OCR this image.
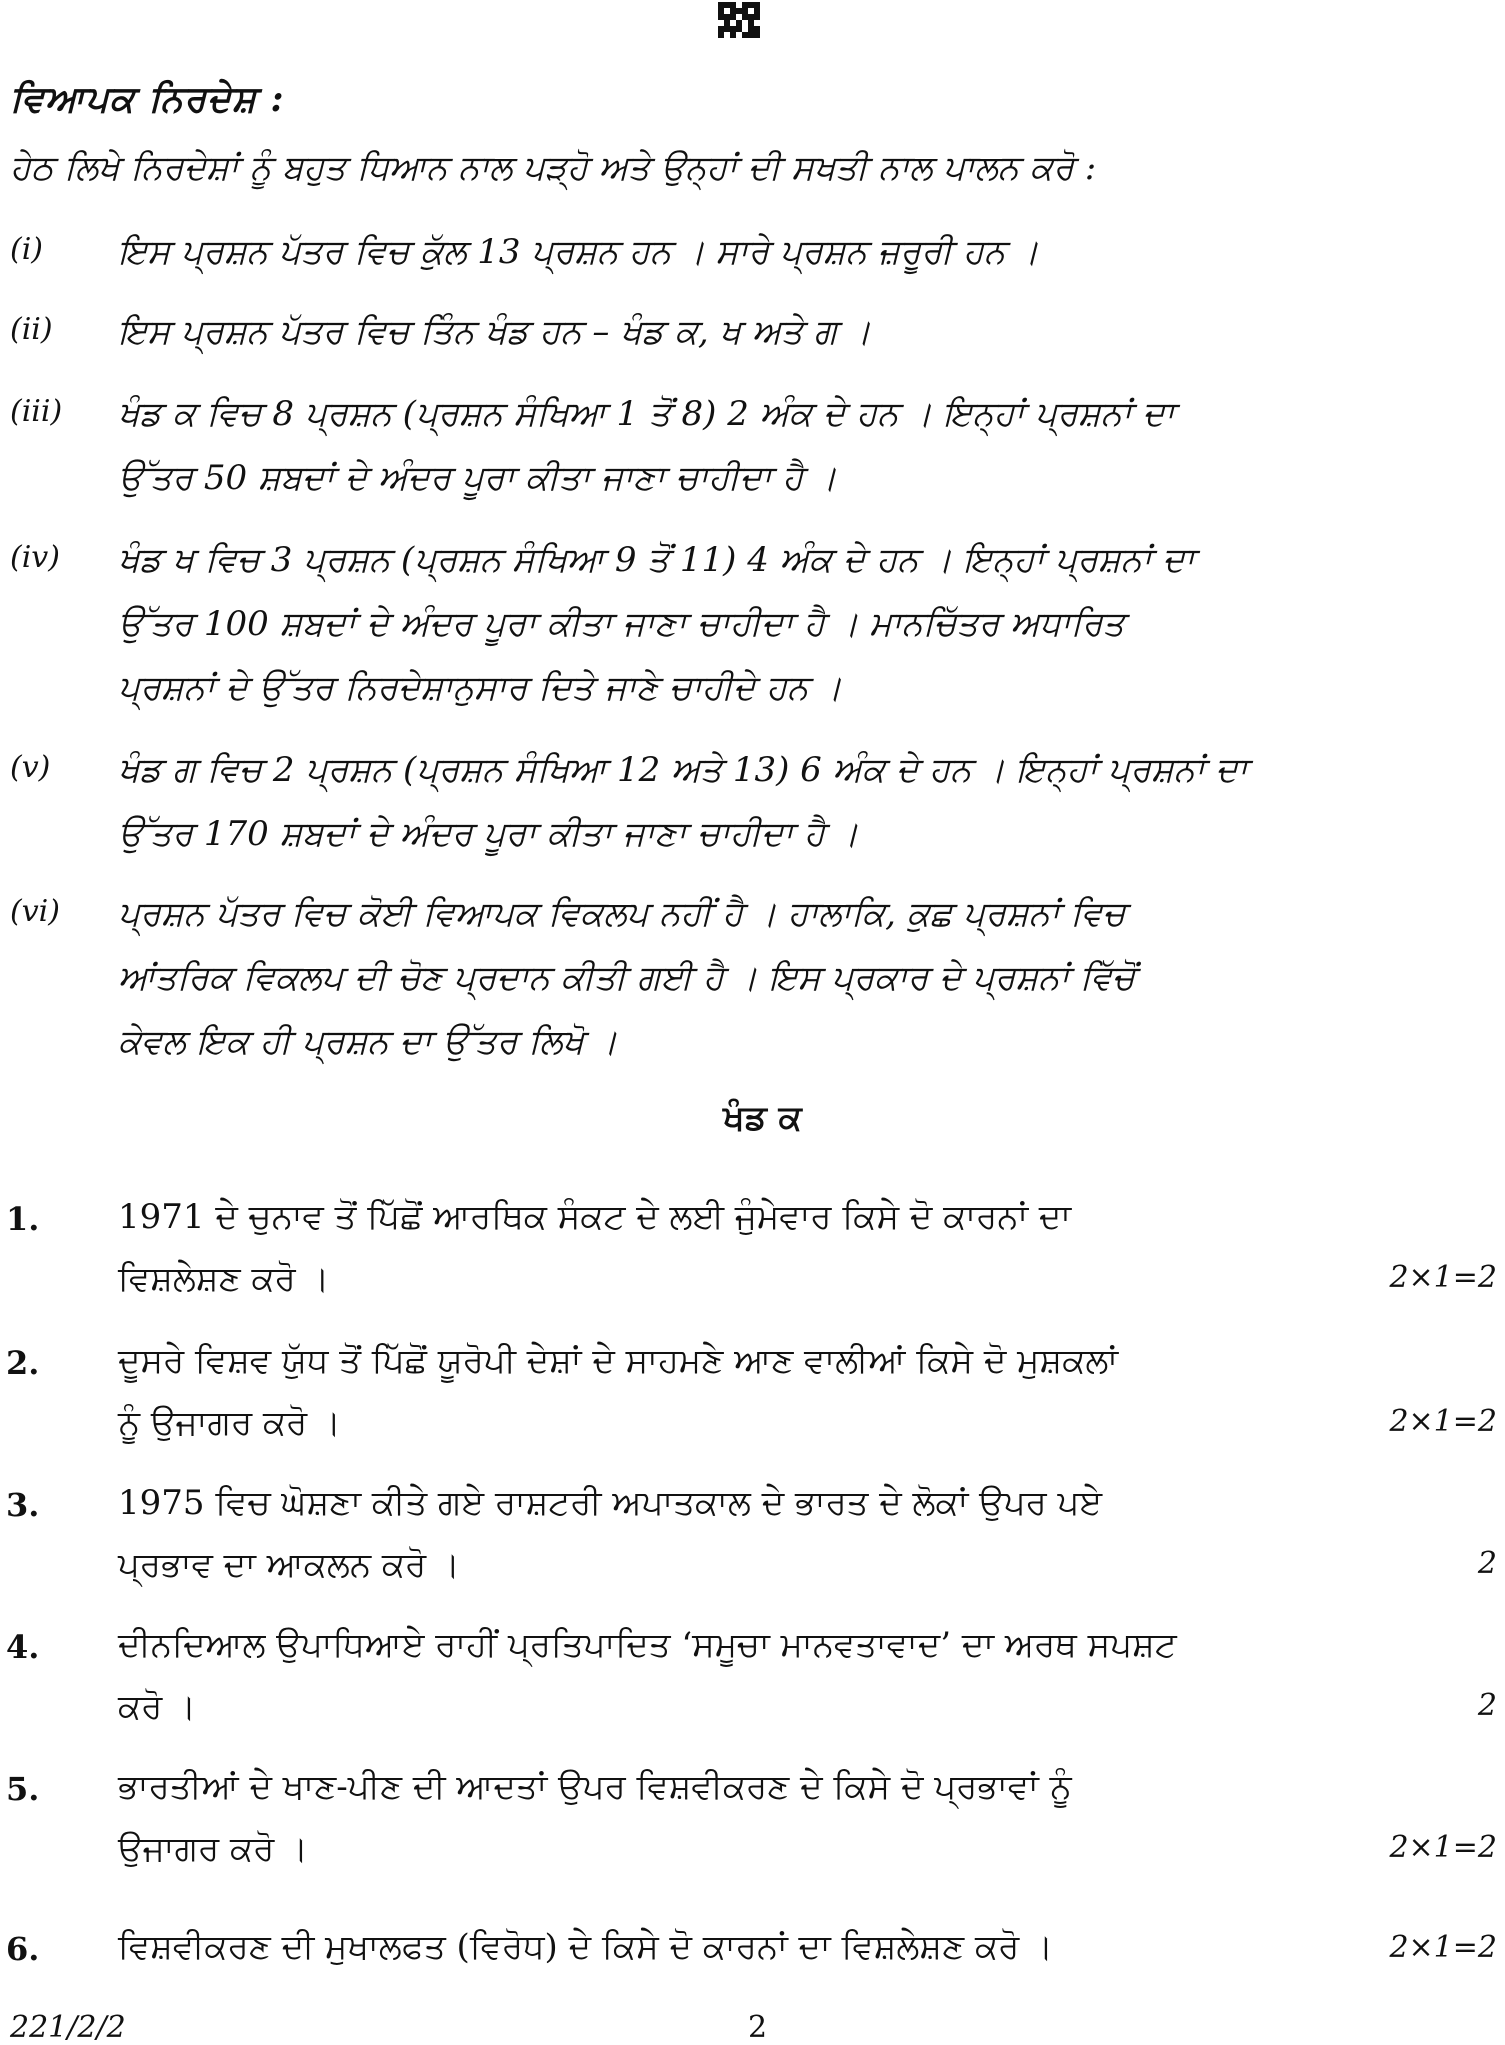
ਵਿਆਪਕ ਨਿਰਦੇਸ਼ :
ਹੇਠ ਲਿਖੇ ਨਿਰਦੇਸ਼ਾਂ ਨੂੰ ਬਹੁਤ ਧਿਆਨ ਨਾਲ ਪੜ੍ਹੋ ਅਤੇ ਉਨ੍ਹਾਂ ਦੀ ਸਖਤੀ ਨਾਲ ਪਾਲਨ ਕਰੋ :
(i) ਇਸ ਪ੍ਰਸ਼ਨ ਪੱਤਰ ਵਿਚ ਕੁੱਲ 13 ਪ੍ਰਸ਼ਨ ਹਨ । ਸਾਰੇ ਪ੍ਰਸ਼ਨ ਜ਼ਰੂਰੀ ਹਨ ।
(ii) ਇਸ ਪ੍ਰਸ਼ਨ ਪੱਤਰ ਵਿਚ ਤਿੰਨ ਖੰਡ ਹਨ – ਖੰਡ ਕ, ਖ ਅਤੇ ਗ ।
(iii) ਖੰਡ ਕ ਵਿਚ 8 ਪ੍ਰਸ਼ਨ (ਪ੍ਰਸ਼ਨ ਸੰਖਿਆ 1 ਤੋਂ 8) 2 ਅੰਕ ਦੇ ਹਨ । ਇਨ੍ਹਾਂ ਪ੍ਰਸ਼ਨਾਂ ਦਾ
ਉੱਤਰ 50 ਸ਼ਬਦਾਂ ਦੇ ਅੰਦਰ ਪੂਰਾ ਕੀਤਾ ਜਾਣਾ ਚਾਹੀਦਾ ਹੈ ।
(iv) ਖੰਡ ਖ ਵਿਚ 3 ਪ੍ਰਸ਼ਨ (ਪ੍ਰਸ਼ਨ ਸੰਖਿਆ 9 ਤੋਂ 11) 4 ਅੰਕ ਦੇ ਹਨ । ਇਨ੍ਹਾਂ ਪ੍ਰਸ਼ਨਾਂ ਦਾ
ਉੱਤਰ 100 ਸ਼ਬਦਾਂ ਦੇ ਅੰਦਰ ਪੂਰਾ ਕੀਤਾ ਜਾਣਾ ਚਾਹੀਦਾ ਹੈ । ਮਾਨਚਿੱਤਰ ਅਧਾਰਿਤ
ਪ੍ਰਸ਼ਨਾਂ ਦੇ ਉੱਤਰ ਨਿਰਦੇਸ਼ਾਨੁਸਾਰ ਦਿਤੇ ਜਾਣੇ ਚਾਹੀਦੇ ਹਨ ।
(v) ਖੰਡ ਗ ਵਿਚ 2 ਪ੍ਰਸ਼ਨ (ਪ੍ਰਸ਼ਨ ਸੰਖਿਆ 12 ਅਤੇ 13) 6 ਅੰਕ ਦੇ ਹਨ । ਇਨ੍ਹਾਂ ਪ੍ਰਸ਼ਨਾਂ ਦਾ
ਉੱਤਰ 170 ਸ਼ਬਦਾਂ ਦੇ ਅੰਦਰ ਪੂਰਾ ਕੀਤਾ ਜਾਣਾ ਚਾਹੀਦਾ ਹੈ ।
(vi) ਪ੍ਰਸ਼ਨ ਪੱਤਰ ਵਿਚ ਕੋਈ ਵਿਆਪਕ ਵਿਕਲਪ ਨਹੀਂ ਹੈ । ਹਾਲਾਕਿ, ਕੁਛ ਪ੍ਰਸ਼ਨਾਂ ਵਿਚ
ਆਂਤਰਿਕ ਵਿਕਲਪ ਦੀ ਚੋਣ ਪ੍ਰਦਾਨ ਕੀਤੀ ਗਈ ਹੈ । ਇਸ ਪ੍ਰਕਾਰ ਦੇ ਪ੍ਰਸ਼ਨਾਂ ਵਿੱਚੋਂ
ਕੇਵਲ ਇਕ ਹੀ ਪ੍ਰਸ਼ਨ ਦਾ ਉੱਤਰ ਲਿਖੋ ।
ਖੰਡ ਕ
1. 1971 ਦੇ ਚੁਨਾਵ ਤੋਂ ਪਿੱਛੋਂ ਆਰਥਿਕ ਸੰਕਟ ਦੇ ਲਈ ਜੁੰਮੇਵਾਰ ਕਿਸੇ ਦੋ ਕਾਰਨਾਂ ਦਾ
ਵਿਸ਼ਲੇਸ਼ਣ ਕਰੋ ।	2×1=2
2. ਦੂਸਰੇ ਵਿਸ਼ਵ ਯੁੱਧ ਤੋਂ ਪਿੱਛੋਂ ਯੂਰੋਪੀ ਦੇਸ਼ਾਂ ਦੇ ਸਾਹਮਣੇ ਆਣ ਵਾਲੀਆਂ ਕਿਸੇ ਦੋ ਮੁਸ਼ਕਲਾਂ
ਨੂੰ ਉਜਾਗਰ ਕਰੋ ।	2×1=2
3. 1975 ਵਿਚ ਘੋਸ਼ਣਾ ਕੀਤੇ ਗਏ ਰਾਸ਼ਟਰੀ ਅਪਾਤਕਾਲ ਦੇ ਭਾਰਤ ਦੇ ਲੋਕਾਂ ਉਪਰ ਪਏ
ਪ੍ਰਭਾਵ ਦਾ ਆਕਲਨ ਕਰੋ ।	2
4. ਦੀਨਦਿਆਲ ਉਪਾਧਿਆਏ ਰਾਹੀਂ ਪ੍ਰਤਿਪਾਦਿਤ ‘ਸਮੂਚਾ ਮਾਨਵਤਾਵਾਦ’ ਦਾ ਅਰਥ ਸਪਸ਼ਟ
ਕਰੋ ।	2
5. ਭਾਰਤੀਆਂ ਦੇ ਖਾਣ-ਪੀਣ ਦੀ ਆਦਤਾਂ ਉਪਰ ਵਿਸ਼ਵੀਕਰਣ ਦੇ ਕਿਸੇ ਦੋ ਪ੍ਰਭਾਵਾਂ ਨੂੰ
ਉਜਾਗਰ ਕਰੋ ।	2×1=2
6. ਵਿਸ਼ਵੀਕਰਣ ਦੀ ਮੁਖਾਲਫਤ (ਵਿਰੋਧ) ਦੇ ਕਿਸੇ ਦੋ ਕਾਰਨਾਂ ਦਾ ਵਿਸ਼ਲੇਸ਼ਣ ਕਰੋ ।	2×1=2
221/2/2	2
